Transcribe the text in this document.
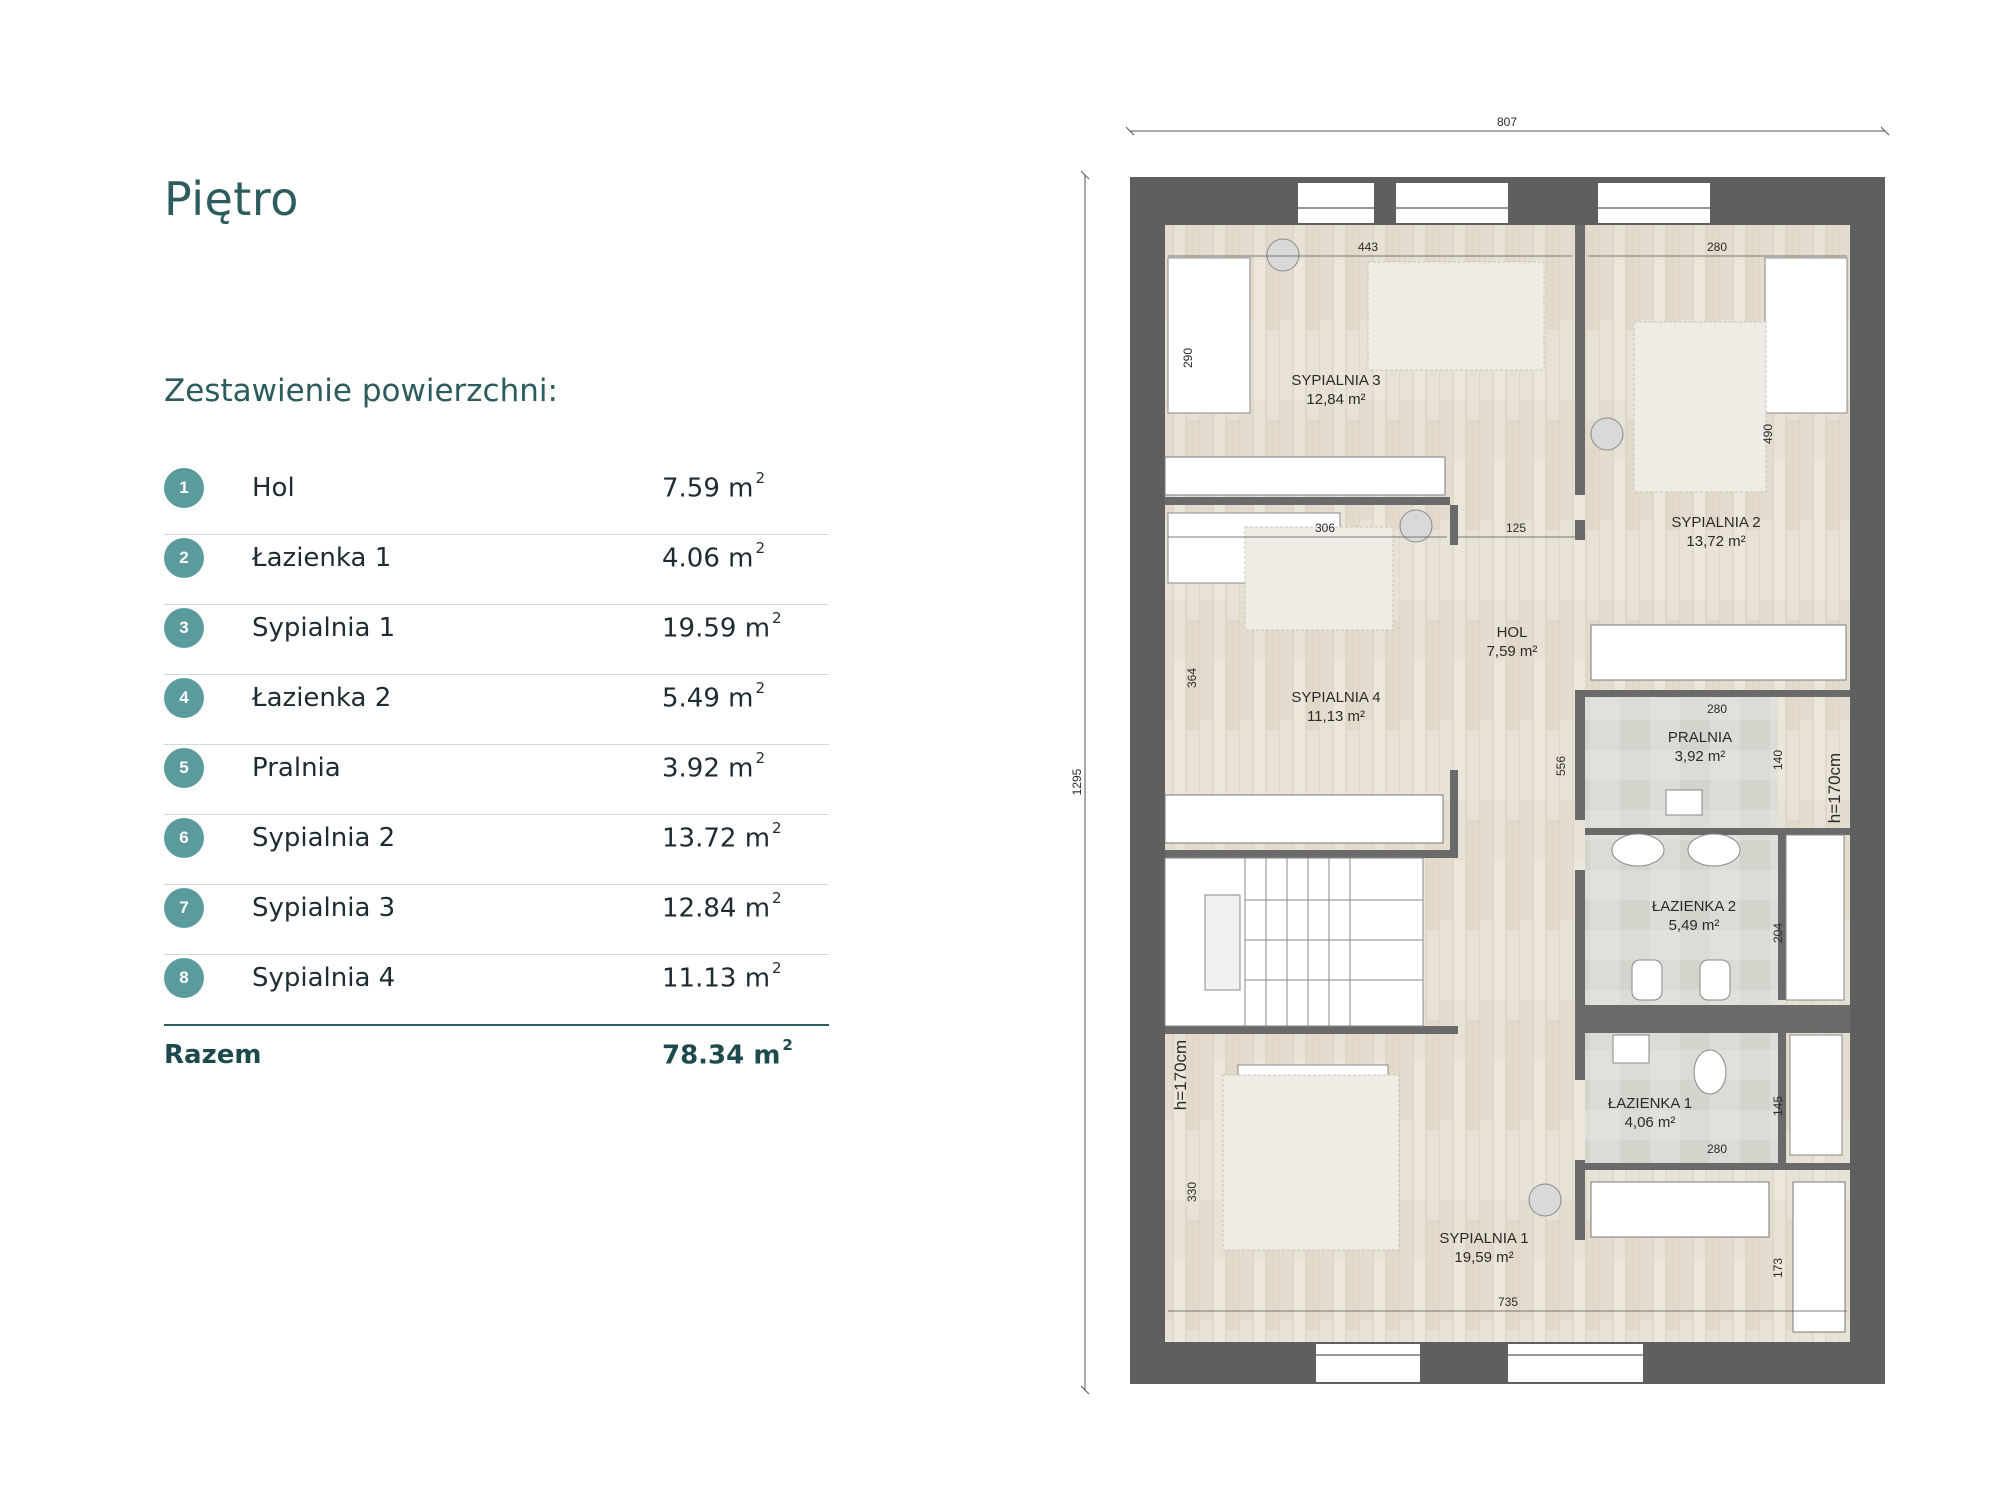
Piętro
Zestawienie powierzchni:
1	Hol	7.59 m $^2$
2	Łazienka 1	4.06 m $^2$
3	Sypialnia 1	19.59 m $^2$
4	Łazienka 2	5.49 m $^2$
5	Pralnia	3.92 m $^2$
6	Sypialnia 2	13.72 m $^2$
7	Sypialnia 3	12.84 m $^2$
8	Sypialnia 4	11.13 m $^2$
Razem	78.34 m $^2$
807
1295
SYPIALNIA 3
12,84 m²
SYPIALNIA 2
13,72 m²
HOL
7,59 m²
SYPIALNIA 4
11,13 m²
PRALNIA
3,92 m²
ŁAZIENKA 2
5,49 m²
ŁAZIENKA 1
4,06 m²
SYPIALNIA 1
19,59 m²
443	280
290
490
306	125
364
556
280
140
204
145
280
330
173
735
h=170cm
h=170cm
